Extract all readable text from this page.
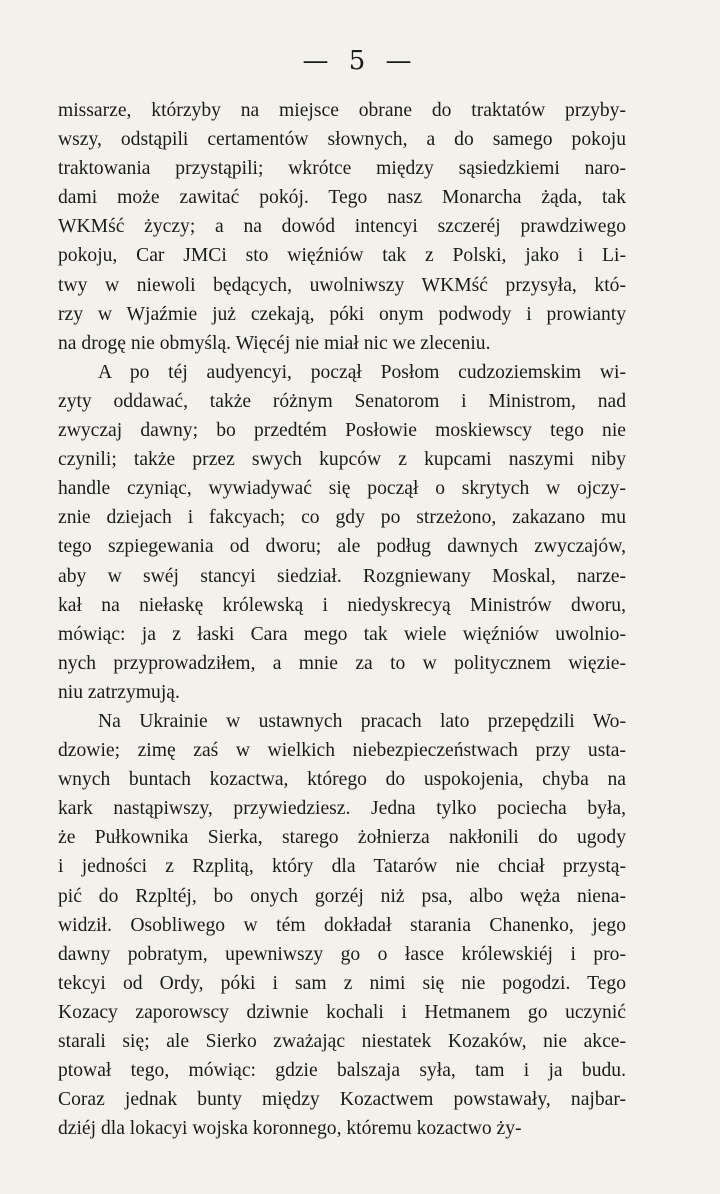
— 5 —
missarze, którzyby na miejsce obrane do traktatów przyby-
wszy, odstąpili certamentów słownych, a do samego pokoju
traktowania przystąpili; wkrótce między sąsiedzkiemi naro-
dami może zawitać pokój. Tego nasz Monarcha żąda, tak
WKMść życzy; a na dowód intencyi szczeréj prawdziwego
pokoju, Car JMCi sto więźniów tak z Polski, jako i Li-
twy w niewoli będących, uwolniwszy WKMść przysyła, któ-
rzy w Wjaźmie już czekają, póki onym podwody i prowianty
na drogę nie obmyślą. Więcéj nie miał nic we zleceniu.
A po téj audyencyi, począł Posłom cudzoziemskim wi-
zyty oddawać, także różnym Senatorom i Ministrom, nad
zwyczaj dawny; bo przedtém Posłowie moskiewscy tego nie
czynili; także przez swych kupców z kupcami naszymi niby
handle czyniąc, wywiadywać się począł o skrytych w ojczy-
znie dziejach i fakcyach; co gdy po strzeżono, zakazano mu
tego szpiegewania od dworu; ale podług dawnych zwyczajów,
aby w swéj stancyi siedział. Rozgniewany Moskal, narze-
kał na niełaskę królewską i niedyskrecyą Ministrów dworu,
mówiąc: ja z łaski Cara mego tak wiele więźniów uwolnio-
nych przyprowadziłem, a mnie za to w politycznem więzie-
niu zatrzymują.
Na Ukrainie w ustawnych pracach lato przepędzili Wo-
dzowie; zimę zaś w wielkich niebezpieczeństwach przy usta-
wnych buntach kozactwa, którego do uspokojenia, chyba na
kark nastąpiwszy, przywiedziesz. Jedna tylko pociecha była,
że Pułkownika Sierka, starego żołnierza nakłonili do ugody
i jedności z Rzplitą, który dla Tatarów nie chciał przystą-
pić do Rzpltéj, bo onych gorzéj niż psa, albo węża niena-
widził. Osobliwego w tém dokładał starania Chanenko, jego
dawny pobratym, upewniwszy go o łasce królewskiéj i pro-
tekcyi od Ordy, póki i sam z nimi się nie pogodzi. Tego
Kozacy zaporowscy dziwnie kochali i Hetmanem go uczynić
starali się; ale Sierko zważając niestatek Kozaków, nie akce-
ptował tego, mówiąc: gdzie balszaja syła, tam i ja budu.
Coraz jednak bunty między Kozactwem powstawały, najbar-
dziéj dla lokacyi wojska koronnego, któremu kozactwo ży-
